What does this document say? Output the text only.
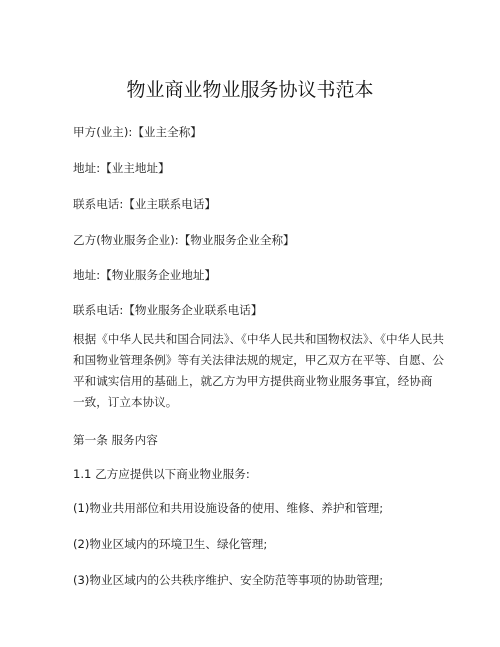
物业商业物业服务协议书范本
甲方(业主):【业主全称】
地址:【业主地址】
联系电话:【业主联系电话】
乙方(物业服务企业):【物业服务企业全称】
地址:【物业服务企业地址】
联系电话:【物业服务企业联系电话】
根据《中华人民共和国合同法》、《中华人民共和国物权法》、《中华人民共
和国物业管理条例》等有关法律法规的规定，甲乙双方在平等、自愿、公
平和诚实信用的基础上，就乙方为甲方提供商业物业服务事宜，经协商
一致，订立本协议。
第一条 服务内容
1.1 乙方应提供以下商业物业服务:
(1)物业共用部位和共用设施设备的使用、维修、养护和管理;
(2)物业区域内的环境卫生、绿化管理;
(3)物业区域内的公共秩序维护、安全防范等事项的协助管理;
